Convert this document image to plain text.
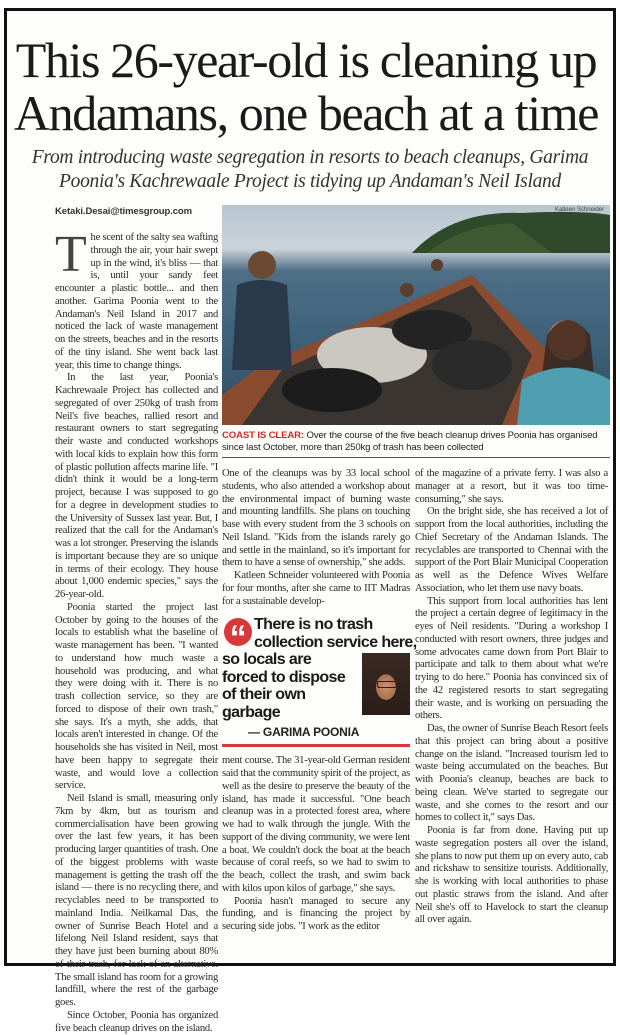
This 26-year-old is cleaning up
Andamans, one beach at a time

From introducing waste segregation in resorts to beach cleanups, Garima Poonia's Kachrewaale Project is tidying up Andaman's Neil Island

Ketaki.Desai@timesgroup.com

The scent of the salty sea wafting through the air, your hair swept up in the wind, it's bliss — that is, until your sandy feet encounter a plastic bottle... and then another. Garima Poonia went to the Andaman's Neil Island in 2017 and noticed the lack of waste management on the streets, beaches and in the resorts of the tiny island. She went back last year, this time to change things.

In the last year, Poonia's Kachrewaale Project has collected and segregated of over 250kg of trash from Neil's five beaches, rallied resort and restaurant owners to start segregating their waste and conducted workshops with local kids to explain how this form of plastic pollution affects marine life. "I didn't think it would be a long-term project, because I was supposed to go for a degree in development studies to the University of Sussex last year. But, I realized that the call for the Andaman's was a lot stronger. Preserving the islands is important because they are so unique in terms of their ecology. They house about 1,000 endemic species," says the 26-year-old.

Poonia started the project last October by going to the houses of the locals to establish what the baseline of waste management has been. "I wanted to understand how much waste a household was producing, and what they were doing with it. There is no trash collection service, so they are forced to dispose of their own trash," she says. It's a myth, she adds, that locals aren't interested in change. Of the households she has visited in Neil, most have been happy to segregate their waste, and would love a collection service.

Neil Island is small, measuring only 7km by 4km, but as tourism and commercialisation have been growing over the last few years, it has been producing larger quantities of trash. One of the biggest problems with waste management is getting the trash off the island — there is no recycling there, and recyclables need to be transported to mainland India. Neilkamal Das, the owner of Sunrise Beach Hotel and a lifelong Neil Island resident, says that they have just been burning about 80% of their trash, for lack of an alternative. The small island has room for a growing landfill, where the rest of the garbage goes.

Since October, Poonia has organized five beach cleanup drives on the island.

Katleen Schneider
COAST IS CLEAR: Over the course of the five beach cleanup drives Poonia has organised since last October, more than 250kg of trash has been collected

One of the cleanups was by 33 local school students, who also attended a workshop about the environmental impact of burning waste and mounting landfills. She plans on touching base with every student from the 3 schools on Neil Island. "Kids from the islands rarely go and settle in the mainland, so it's important for them to have a sense of ownership," she adds.

Katleen Schneider volunteered with Poonia for four months, after she came to IIT Madras for a sustainable develop-

“ There is no trash
collection service here,
so locals are forced to dispose of their own garbage
— GARIMA POONIA

ment course. The 31-year-old German resident said that the community spirit of the project, as well as the desire to preserve the beauty of the island, has made it successful. "One beach cleanup was in a protected forest area, where we had to walk through the jungle. With the support of the diving community, we were lent a boat. We couldn't dock the boat at the beach because of coral reefs, so we had to swim to the beach, collect the trash, and swim back with kilos upon kilos of garbage," she says.

Poonia hasn't managed to secure any funding, and is financing the project by securing side jobs. "I work as the editor

of the magazine of a private ferry. I was also a manager at a resort, but it was too time-consuming," she says.

On the bright side, she has received a lot of support from the local authorities, including the Chief Secretary of the Andaman Islands. The recyclables are transported to Chennai with the support of the Port Blair Municipal Cooperation as well as the Defence Wives Welfare Association, who let them use navy boats.

This support from local authorities has lent the project a certain degree of legitimacy in the eyes of Neil residents. "During a workshop I conducted with resort owners, three judges and some advocates came down from Port Blair to participate and talk to them about what we're trying to do here." Poonia has convinced six of the 42 registered resorts to start segregating their waste, and is working on persuading the others.

Das, the owner of Sunrise Beach Resort feels that this project can bring about a positive change on the island. "Increased tourism led to waste being accumulated on the beaches. But with Poonia's cleanup, beaches are back to being clean. We've started to segregate our waste, and she comes to the resort and our homes to collect it," says Das.

Poonia is far from done. Having put up waste segregation posters all over the island, she plans to now put them up on every auto, cab and rickshaw to sensitize tourists. Additionally, she is working with local authorities to phase out plastic straws from the island. And after Neil she's off to Havelock to start the cleanup all over again.
